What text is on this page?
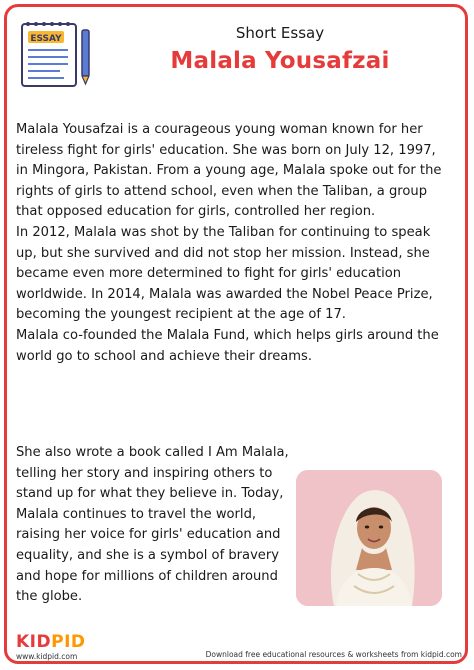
ESSAY	Short Essay
Malala Yousafzai

Malala Yousafzai is a courageous young woman known for her tireless fight for girls' education. She was born on July 12, 1997, in Mingora, Pakistan. From a young age, Malala spoke out for the rights of girls to attend school, even when the Taliban, a group that opposed education for girls, controlled her region.

In 2012, Malala was shot by the Taliban for continuing to speak up, but she survived and did not stop her mission. Instead, she became even more determined to fight for girls' education worldwide. In 2014, Malala was awarded the Nobel Peace Prize, becoming the youngest recipient at the age of 17.

Malala co-founded the Malala Fund, which helps girls around the world go to school and achieve their dreams.

She also wrote a book called I Am Malala, telling her story and inspiring others to stand up for what they believe in. Today, Malala continues to travel the world, raising her voice for girls' education and equality, and she is a symbol of bravery and hope for millions of children around the globe.

KIDPID
www.kidpid.com	Download free educational resources & worksheets from kidpid.com
